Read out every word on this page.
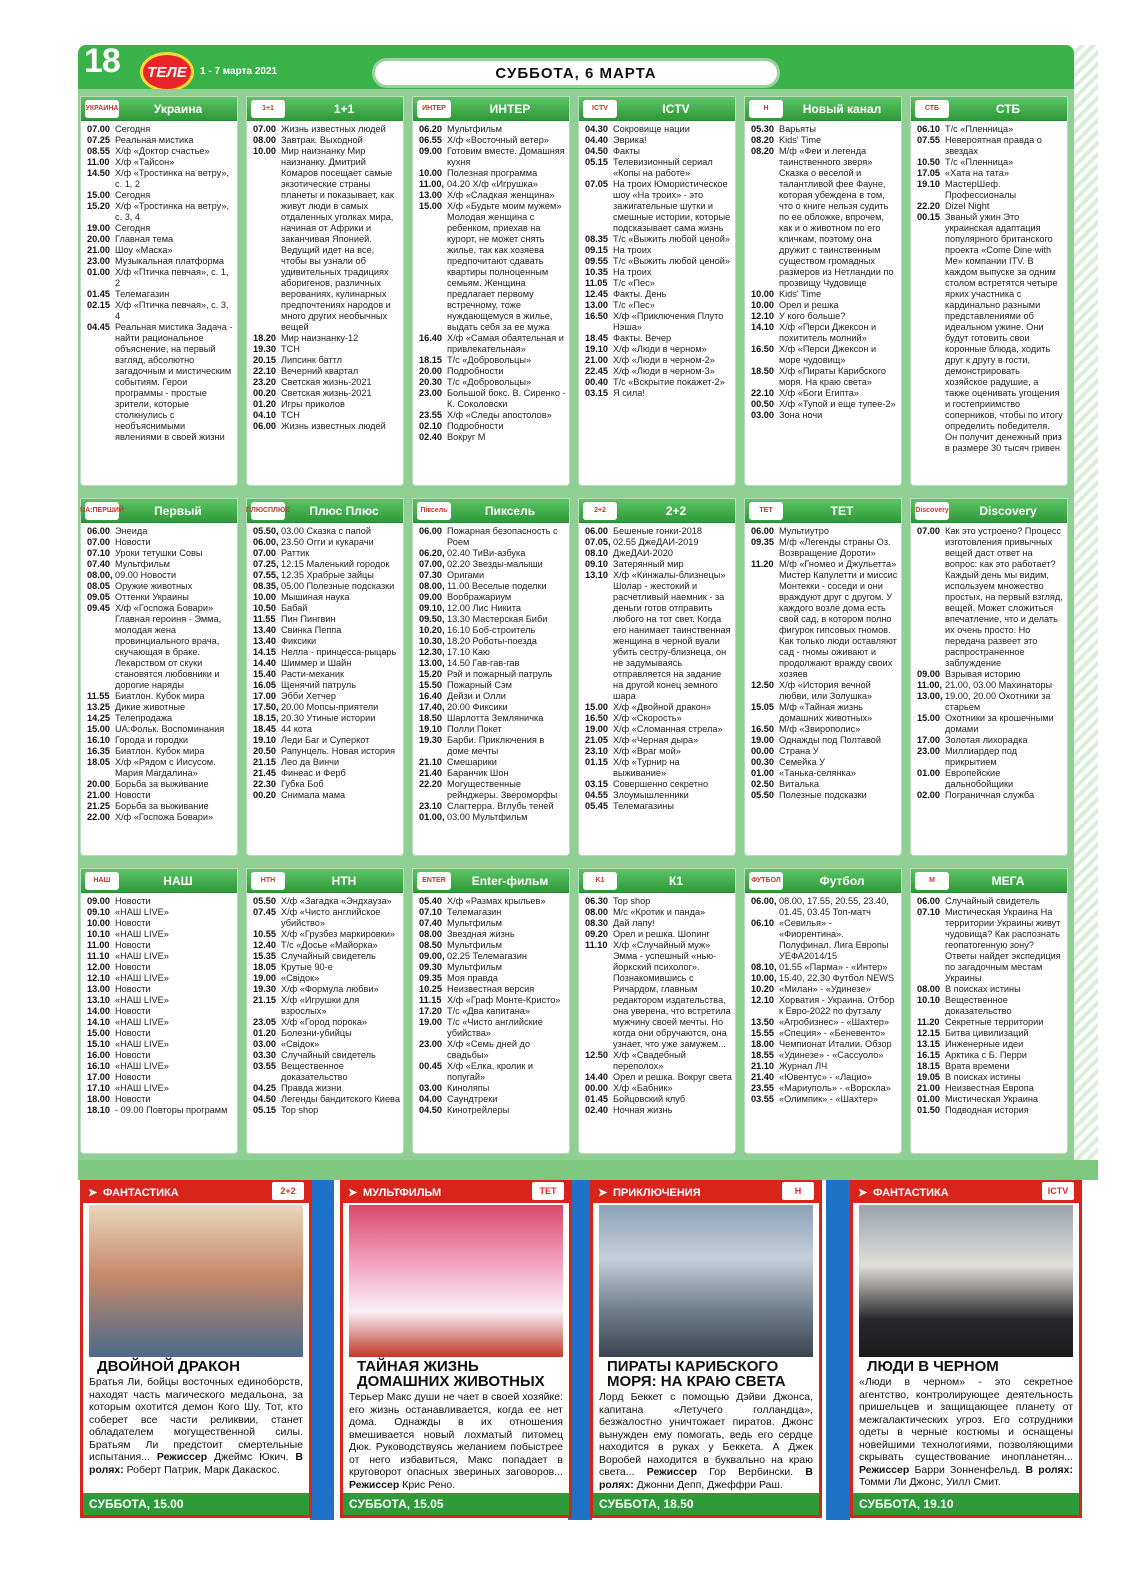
18	ТЕЛЕ	1 - 7 марта 2021	СУББОТА, 6 МАРТА
УКРАИНА	Украина
07.00 Сегодня
07.25 Реальная мистика
08.55 Х/ф «Доктор счастье»
11.00 Х/ф «Тайсон»
14.50 Х/ф «Тростинка на ветру», с. 1, 2
15.00 Сегодня
15.20 Х/ф «Тростинка на ветру», с. 3, 4
19.00 Сегодня
20.00 Главная тема
21.00 Шоу «Маска»
23.00 Музыкальная платформа
01.00 Х/ф «Птичка певчая», с. 1, 2
01.45 Телемагазин
02.15 Х/ф «Птичка певчая», с. 3, 4
04.45 Реальная мистика Задача - найти рациональное объяснение, на первый взгляд, абсолютно загадочным и мистическим событиям. Герои программы - простые зрители, которые столкнулись с необъяснимыми явлениями в своей жизни
1+1	1+1
07.00 Жизнь известных людей
08.00 Завтрак. Выходной
10.00 Мир наизнанку Мир наизнанку. Дмитрий Комаров посещает самые экзотические страны планеты и показывает, как живут люди в самых отдаленных уголках мира, начиная от Африки и заканчивая Японией. Ведущий идет на все, чтобы вы узнали об удивительных традициях аборигенов, различных верованиях, кулинарных предпочтениях народов и много других необычных вещей
18.20 Мир наизнанку-12
19.30 ТСН
20.15 Липсинк баттл
22.10 Вечерний квартал
23.20 Светская жизнь-2021
00.20 Светская жизнь-2021
01.20 Игры приколов
04.10 ТСН
06.00 Жизнь известных людей
ИНТЕР	ИНТЕР
06.20 Мультфильм
06.55 Х/ф «Восточный ветер»
09.00 Готовим вместе. Домашняя кухня
10.00 Полезная программа
11.00, 04.20 Х/ф «Игрушка»
13.00 Х/ф «Сладкая женщина»
15.00 Х/ф «Будьте моим мужем» Молодая женщина с ребенком, приехав на курорт, не может снять жилье, так как хозяева предпочитают сдавать квартиры полноценным семьям. Женщина предлагает первому встречному, тоже нуждающемуся в жилье, выдать себя за ее мужа
16.40 Х/ф «Самая обаятельная и привлекательная»
18.15 Т/с «Добровольцы»
20.00 Подробности
20.30 Т/с «Добровольцы»
23.00 Большой бокс. В. Сиренко - К. Соколовски
23.55 Х/ф «Следы апостолов»
02.10 Подробности
02.40 Вокруг М
ICTV	ICTV
04.30 Сокровище нации
04.40 Эврика!
04.50 Факты
05.15 Телевизионный сериал «Копы на работе»
07.05 На троих Юмористическое шоу «На троих» - это зажигательные шутки и смешные истории, которые подсказывает сама жизнь
08.35 Т/с «Выжить любой ценой»
09.15 На троих
09.55 Т/с «Выжить любой ценой»
10.35 На троих
11.05 Т/с «Пес»
12.45 Факты. День
13.00 Т/с «Пес»
16.50 Х/ф «Приключения Плуто Нэша»
18.45 Факты. Вечер
19.10 Х/ф «Люди в черном»
21.00 Х/ф «Люди в черном-2»
22.45 Х/ф «Люди в черном-3»
00.40 Т/с «Вскрытие покажет-2»
03.15 Я сила!
Н	Новый канал
05.30 Варьяты
08.20 Kids' Time
08.20 М/ф «Феи и легенда таинственного зверя» Сказка о веселой и талантливой фее Фауне, которая убеждена в том, что о книге нельзя судить по ее обложке, впрочем, как и о животном по его кличкам, поэтому она дружит с таинственным существом громадных размеров из Нетландии по прозвищу Чудовище
10.00 Kids' Time
10.00 Орел и решка
12.10 У кого больше?
14.10 Х/ф «Перси Джексон и похититель молний»
16.50 Х/ф «Перси Джексон и море чудовищ»
18.50 Х/ф «Пираты Карибского моря. На краю света»
22.10 Х/ф «Боги Египта»
00.50 Х/ф «Тупой и еще тупее-2»
03.00 Зона ночи
СТБ	СТБ
06.10 Т/с «Пленница»
07.55 Невероятная правда о звездах
10.50 Т/с «Пленница»
17.05 «Хата на тата»
19.10 МастерШеф. Профессионалы
22.20 Dizel Night
00.15 Званый ужин Это украинская адаптация популярного британского проекта «Come Dine with Me» компании ITV. В каждом выпуске за одним столом встретятся четыре ярких участника с кардинально разными представлениями об идеальном ужине. Они будут готовить свои коронные блюда, ходить друг к другу в гости, демонстрировать хозяйское радушие, а также оценивать угощения и гостеприимство соперников, чтобы по итогу определить победителя. Он получит денежный приз в размере 30 тысяч гривен
UA:ПЕРШИЙ	Первый
06.00 Энеида
07.00 Новости
07.10 Уроки тетушки Совы
07.40 Мультфильм
08.00, 09.00 Новости
08.05 Оружие животных
09.05 Оттенки Украины
09.45 Х/ф «Госпожа Бовари» Главная героиня - Эмма, молодая жена провинциального врача, скучающая в браке. Лекарством от скуки становятся любовники и дорогие наряды
11.55 Биатлон. Кубок мира
13.25 Дикие животные
14.25 Телепродажа
15.00 UA:Фольк. Воспоминания
16.10 Города и городки
16.35 Биатлон. Кубок мира
18.05 Х/ф «Рядом с Иисусом. Мария Магдалина»
20.00 Борьба за выживание
21.00 Новости
21.25 Борьба за выживание
22.00 Х/ф «Госпожа Бовари»
ПЛЮСПЛЮС	Плюс Плюс
05.50, 03.00 Сказка с папой
06.00, 23.50 Огги и кукарачи
07.00 Раттик
07.25, 12.15 Маленький городок
07.55, 12.35 Храбрые зайцы
08.35, 05.00 Полезные подсказки
10.00 Мышиная наука
10.50 Бабай
11.55 Пин Пингвин
13.40 Свинка Пеппа
13.40 Фиксики
14.15 Нелла - принцесса-рыцарь
14.40 Шиммер и Шайн
15.40 Расти-механик
16.05 Щенячий патруль
17.00 Эбби Хетчер
17.50, 20.00 Мопсы-приятели
18.15, 20.30 Утиные истории
18.45 44 кота
19.10 Леди Баг и Суперкот
20.50 Рапунцель. Новая история
21.15 Лео да Винчи
21.45 Финеас и Ферб
22.30 Губка Боб
00.20 Снимала мама
Піксель	Пиксель
06.00 Пожарная безопасность с Роем
06.20, 02.40 ТиВи-азбука
07.00, 02.20 Звезды-малыши
07.30 Оригами
08.00, 11.00 Веселые поделки
09.00 Воображариум
09.10, 12.00 Лис Никита
09.50, 13.30 Мастерская Биби
10.20, 16.10 Боб-строитель
10.30, 18.20 Роботы-поезда
12.30, 17.10 Каю
13.00, 14.50 Гав-гав-гав
15.20 Рэй и пожарный патруль
15.50 Пожарный Сэм
16.40 Дейзи и Олли
17.40, 20.00 Фиксики
18.50 Шарлотта Земляничка
19.10 Полли Покет
19.30 Барби. Приключения в доме мечты
21.10 Смешарики
21.40 Баранчик Шон
22.20 Могущественные рейнджеры. Звероморфы
23.10 Слагтерра. Вглубь теней
01.00, 03.00 Мультфильм
2+2	2+2
06.00 Бешеные гонки-2018
07.05, 02.55 ДжеДАИ-2019
08.10 ДжеДАИ-2020
09.10 Затерянный мир
13.10 Х/ф «Кинжалы-близнецы» Шолар - жестокий и расчетливый наемник - за деньги готов отправить любого на тот свет. Когда его нанимает таинственная женщина в черной вуали убить сестру-близнеца, он не задумываясь отправляется на задание на другой конец земного шара
15.00 Х/ф «Двойной дракон»
16.50 Х/ф «Скорость»
19.00 Х/ф «Сломанная стрела»
21.05 Х/ф «Черная дыра»
23.10 Х/ф «Враг мой»
01.15 Х/ф «Турнир на выживание»
03.15 Совершенно секретно
04.55 Злоумышленники
05.45 Телемагазины
ТЕТ	ТЕТ
06.00 Мультиутро
09.35 М/ф «Легенды страны Оз. Возвращение Дороти»
11.20 М/ф «Гномео и Джульетта» Мистер Капулетти и миссис Монтекки - соседи и они враждуют друг с другом. У каждого возле дома есть свой сад, в котором полно фигурок гипсовых гномов. Как только люди оставляют сад - гномы оживают и продолжают вражду своих хозяев
12.50 Х/ф «История вечной любви, или Золушка»
15.05 М/ф «Тайная жизнь домашних животных»
16.50 М/ф «Звирополис»
19.00 Однажды под Полтавой
00.00 Страна У
00.30 Семейка У
01.00 «Танька-селянка»
02.50 Виталька
05.50 Полезные подсказки
Discovery	Discovery
07.00 Как это устроено? Процесс изготовления привычных вещей даст ответ на вопрос: как это работает? Каждый день мы видим, используем множество простых, на первый взгляд, вещей. Может сложиться впечатление, что и делать их очень просто. Но передача развеет это распространенное заблуждение
09.00 Взрывая историю
11.00, 21.00, 03.00 Махинаторы
13.00, 19.00, 20.00 Охотники за старьем
15.00 Охотники за крошечными домами
17.00 Золотая лихорадка
23.00 Миллиардер под прикрытием
01.00 Европейские дальнобойщики
02.00 Пограничная служба
НАШ	НАШ
09.00 Новости
09.10 «НАШ LIVE»
10.00 Новости
10.10 «НАШ LIVE»
11.00 Новости
11.10 «НАШ LIVE»
12.00 Новости
12.10 «НАШ LIVE»
13.00 Новости
13.10 «НАШ LIVE»
14.00 Новости
14.10 «НАШ LIVE»
15.00 Новости
15.10 «НАШ LIVE»
16.00 Новости
16.10 «НАШ LIVE»
17.00 Новости
17.10 «НАШ LIVE»
18.00 Новости
18.10 - 09.00 Повторы программ
НТН	НТН
05.50 Х/ф «Загадка «Эндхауза»
07.45 Х/ф «Чисто английское убийство»
10.55 Х/ф «Грузбез маркировки»
12.40 Т/с «Досье «Майорка»
15.35 Случайный свидетель
18.05 Крутые 90-е
19.00 «Свідок»
19.30 Х/ф «Формула любви»
21.15 Х/ф «Игрушки для взрослых»
23.05 Х/ф «Город порока»
01.20 Болезни-убийцы
03.00 «Свідок»
03.30 Случайный свидетель
03.55 Вещественное доказательство
04.25 Правда жизни
04.50 Легенды бандитского Киева
05.15 Top shop
ENTER	Enter-фильм
05.40 Х/ф «Размах крыльев»
07.10 Телемагазин
07.40 Мультфильм
08.00 Звездная жизнь
08.50 Мультфильм
09.00, 02.25 Телемагазин
09.30 Мультфильм
09.35 Моя правда
10.25 Неизвестная версия
11.15 Х/ф «Граф Монте-Кристо»
17.20 Т/с «Два капитана»
19.00 Т/с «Чисто английские убийства»
23.00 Х/ф «Семь дней до свадьбы»
00.45 Х/ф «Елка, кролик и попугай»
03.00 Киноляпы
04.00 Саундтреки
04.50 Кинотрейлеры
K1	К1
06.30 Top shop
08.00 М/с «Кротик и панда»
08.30 Дай лапу!
09.20 Орел и решка. Шопинг
11.10 Х/ф «Случайный муж» Эмма - успешный «нью-йоркский психолог». Познакомившись с Ричардом, главным редактором издательства, она уверена, что встретила мужчину своей мечты. Но когда они обручаются, она узнает, что уже замужем...
12.50 Х/ф «Свадебный переполох»
14.40 Орел и решка. Вокруг света
00.00 Х/ф «Бабник»
01.45 Бойцовский клуб
02.40 Ночная жизнь
ФУТБОЛ	Футбол
06.00, 08.00, 17.55, 20.55, 23.40, 01.45, 03.45 Топ-матч
06.10 «Севилья» - «Фиорентина». Полуфинал. Лига Европы УЕФА2014/15
08.10, 01.55 «Парма» - «Интер»
10.00, 15.40, 22.30 Футбол NEWS
10.20 «Милан» - «Удинезе»
12.10 Хорватия - Украина. Отбор к Евро-2022 по футзалу
13.50 «Агробизнес» - «Шахтер»
15.55 «Специя» - «Беневенто»
18.00 Чемпионат Италии. Обзор
18.55 «Удинезе» - «Сассуоло»
21.10 Журнал ЛЧ
21.40 «Ювентус» - «Лацио»
23.55 «Мариуполь» - «Ворскла»
03.55 «Олимпик» - «Шахтер»
M	МЕГА
06.00 Случайный свидетель
07.10 Мистическая Украина На территории Украины живут чудовища? Как распознать геопатогенную зону? Ответы найдет экспедиция по загадочным местам Украины
08.00 В поисках истины
10.10 Вещественное доказательство
11.20 Секретные территории
12.15 Битва цивилизаций
13.15 Инженерные идеи
16.15 Арктика с Б. Перри
18.15 Врата времени
19.05 В поисках истины
21.00 Неизвестная Европа
01.00 Мистическая Украина
01.50 Подводная история
➤ ФАНТАСТИКА	2+2
ДВОЙНОЙ ДРАКОН
Братья Ли, бойцы восточных единоборств, находят часть магического медальона, за которым охотится демон Кого Шу. Тот, кто соберет все части реликвии, станет обладателем могущественной силы. Братьям Ли предстоит смертельные испытания... Режиссер Джеймс Юкич. В ролях: Роберт Патрик, Марк Дакаскос.
СУББОТА, 15.00
➤ МУЛЬТФИЛЬМ	ТЕТ
ТАЙНАЯ ЖИЗНЬ ДОМАШНИХ ЖИВОТНЫХ
Терьер Макс души не чает в своей хозяйке: его жизнь останавливается, когда ее нет дома. Однажды в их отношения вмешивается новый лохматый питомец Дюк. Руководствуясь желанием побыстрее от него избавиться, Макс попадает в круговорот опасных звериных заговоров... Режиссер Крис Рено.
СУББОТА, 15.05
➤ ПРИКЛЮЧЕНИЯ	Н
ПИРАТЫ КАРИБСКОГО МОРЯ: НА КРАЮ СВЕТА
Лорд Беккет с помощью Дэйви Джонса, капитана «Летучего голландца», безжалостно уничтожает пиратов. Джонс вынужден ему помогать, ведь его сердце находится в руках у Беккета. А Джек Воробей находится в буквально на краю света... Режиссер Гор Вербински. В ролях: Джонни Депп, Джеффри Раш.
СУББОТА, 18.50
➤ ФАНТАСТИКА	ICTV
ЛЮДИ В ЧЕРНОМ
«Люди в черном» - это секретное агентство, контролирующее деятельность пришельцев и защищающее планету от межгалактических угроз. Его сотрудники одеты в черные костюмы и оснащены новейшими технологиями, позволяющими скрывать существование инопланетян... Режиссер Барри Зонненфельд. В ролях: Томми Ли Джонс, Уилл Смит.
СУББОТА, 19.10
